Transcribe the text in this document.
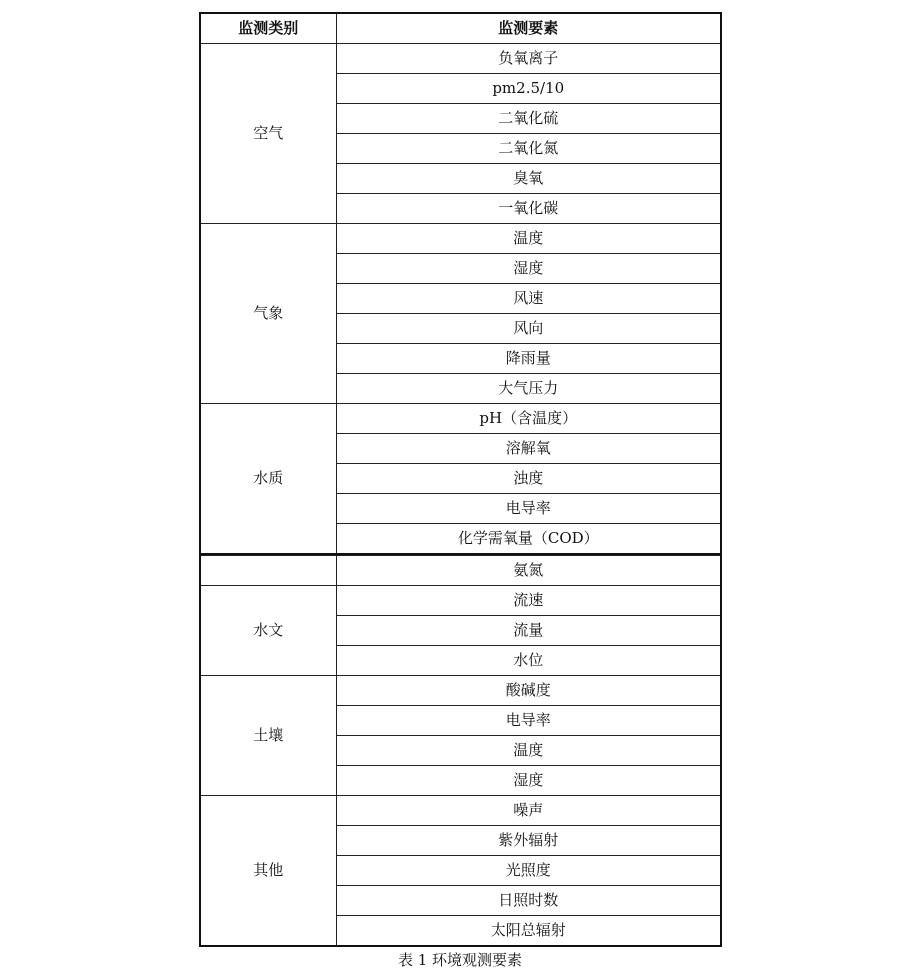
监测类别	监测要素
空气	负氧离子
	pm2.5/10
	二氧化硫
	二氧化氮
	臭氧
	一氧化碳
气象	温度
	湿度
	风速
	风向
	降雨量
	大气压力
水质	pH（含温度）
	溶解氧
	浊度
	电导率
	化学需氧量（COD）
	氨氮
水文	流速
	流量
	水位
土壤	酸碱度
	电导率
	温度
	湿度
其他	噪声
	紫外辐射
	光照度
	日照时数
	太阳总辐射
表 1 环境观测要素
